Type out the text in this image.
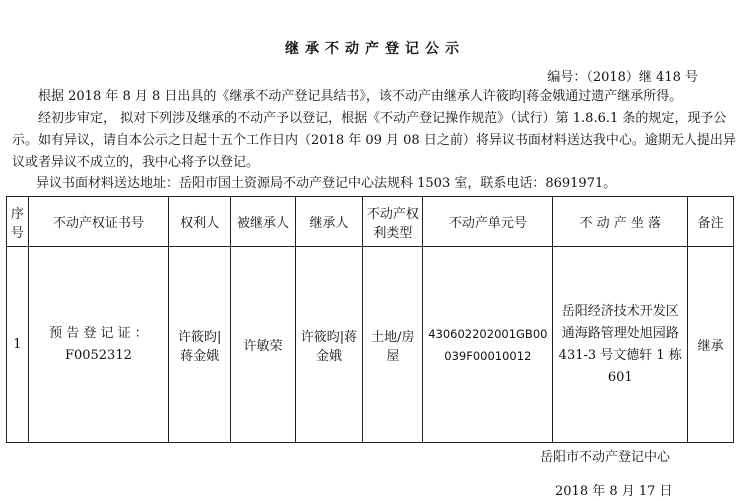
继承不动产登记公示
编号：（2018）继 418 号

根据 2018 年 8 月 8 日出具的《继承不动产登记具结书》，该不动产由继承人许筱昀|蒋金娥通过遗产继承所得。

经初步审定， 拟对下列涉及继承的不动产予以登记，根据《不动产登记操作规范》（试行）第 1.8.6.1 条的规定，现予公示。如有异议，请自本公示之日起十五个工作日内（2018 年 09 月 08 日之前）将异议书面材料送达我中心。逾期无人提出异议或者异议不成立的，我中心将予以登记。

异议书面材料送达地址：岳阳市国土资源局不动产登记中心法规科 1503 室，联系电话：8691971。

序号	不动产权证书号	权利人	被继承人	继承人	不动产权利类型	不动产单元号	不 动 产 坐 落	备注
1	预 告 登 记 证 ：F0052312	许筱昀|蒋金娥	许敏荣	许筱昀|蒋金娥	土地/房屋	430602202001GB00039F00010012	岳阳经济技术开发区通海路管理处旭园路 431-3 号文德轩 1 栋 601	继承
岳阳市不动产登记中心
2018 年 8 月 17 日
